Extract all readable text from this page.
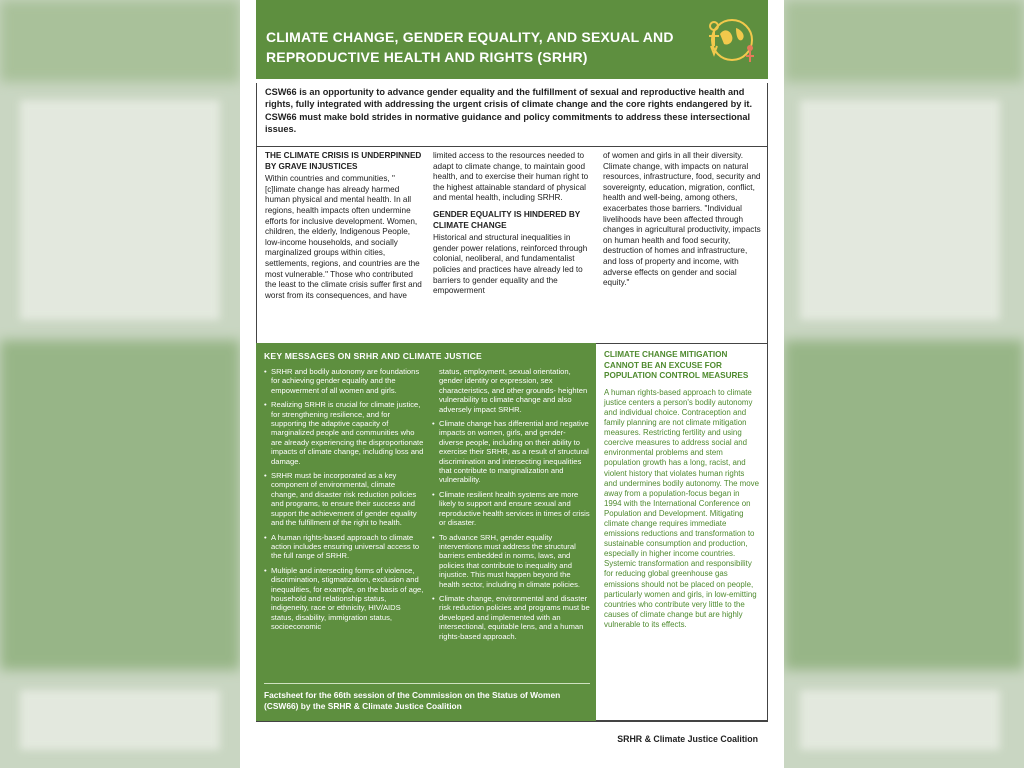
CLIMATE CHANGE, GENDER EQUALITY, AND SEXUAL AND REPRODUCTIVE HEALTH AND RIGHTS (SRHR)
CSW66 is an opportunity to advance gender equality and the fulfillment of sexual and reproductive health and rights, fully integrated with addressing the urgent crisis of climate change and the core rights endangered by it. CSW66 must make bold strides in normative guidance and policy commitments to address these intersectional issues.
THE CLIMATE CRISIS IS UNDERPINNED BY GRAVE INJUSTICES
Within countries and communities, "[c]limate change has already harmed human physical and mental health. In all regions, health impacts often undermine efforts for inclusive development. Women, children, the elderly, Indigenous People, low-income households, and socially marginalized groups within cities, settlements, regions, and countries are the most vulnerable." Those who contributed the least to the climate crisis suffer first and worst from its consequences, and have
limited access to the resources needed to adapt to climate change, to maintain good health, and to exercise their human right to the highest attainable standard of physical and mental health, including SRHR.
GENDER EQUALITY IS HINDERED BY CLIMATE CHANGE
Historical and structural inequalities in gender power relations, reinforced through colonial, neoliberal, and fundamentalist policies and practices have already led to barriers to gender equality and the empowerment
of women and girls in all their diversity. Climate change, with impacts on natural resources, infrastructure, food, security and sovereignty, education, migration, conflict, health and well-being, among others, exacerbates those barriers. "Individual livelihoods have been affected through changes in agricultural productivity, impacts on human health and food security, destruction of homes and infrastructure, and loss of property and income, with adverse effects on gender and social equity."
KEY MESSAGES ON SRHR AND CLIMATE JUSTICE
• SRHR and bodily autonomy are foundations for achieving gender equality and the empowerment of all women and girls.
• Realizing SRHR is crucial for climate justice, for strengthening resilience, and for supporting the adaptive capacity of marginalized people and communities who are already experiencing the disproportionate impacts of climate change, including loss and damage.
• SRHR must be incorporated as a key component of environmental, climate change, and disaster risk reduction policies and programs, to ensure their success and support the achievement of gender equality and the fulfillment of the right to health.
• A human rights-based approach to climate action includes ensuring universal access to the full range of SRHR.
• Multiple and intersecting forms of violence, discrimination, stigmatization, exclusion and inequalities, for example, on the basis of age, household and relationship status, indigeneity, race or ethnicity, HIV/AIDS status, disability, immigration status, socioeconomic
status, employment, sexual orientation, gender identity or expression, sex characteristics, and other grounds- heighten vulnerability to climate change and also adversely impact SRHR.
• Climate change has differential and negative impacts on women, girls, and gender-diverse people, including on their ability to exercise their SRHR, as a result of structural discrimination and intersecting inequalities that contribute to marginalization and vulnerability.
• Climate resilient health systems are more likely to support and ensure sexual and reproductive health services in times of crisis or disaster.
• To advance SRH, gender equality interventions must address the structural barriers embedded in norms, laws, and policies that contribute to inequality and injustice. This must happen beyond the health sector, including in climate policies.
• Climate change, environmental and disaster risk reduction policies and programs must be developed and implemented with an intersectional, equitable lens, and a human rights-based approach.
Factsheet for the 66th session of the Commission on the Status of Women (CSW66) by the SRHR & Climate Justice Coalition
CLIMATE CHANGE MITIGATION CANNOT BE AN EXCUSE FOR POPULATION CONTROL MEASURES
A human rights-based approach to climate justice centers a person's bodily autonomy and individual choice. Contraception and family planning are not climate mitigation measures. Restricting fertility and using coercive measures to address social and environmental problems and stem population growth has a long, racist, and violent history that violates human rights and undermines bodily autonomy. The move away from a population-focus began in 1994 with the International Conference on Population and Development. Mitigating climate change requires immediate emissions reductions and transformation to sustainable consumption and production, especially in higher income countries. Systemic transformation and responsibility for reducing global greenhouse gas emissions should not be placed on people, particularly women and girls, in low-emitting countries who contribute very little to the causes of climate change but are highly vulnerable to its effects.
SRHR & Climate Justice Coalition
